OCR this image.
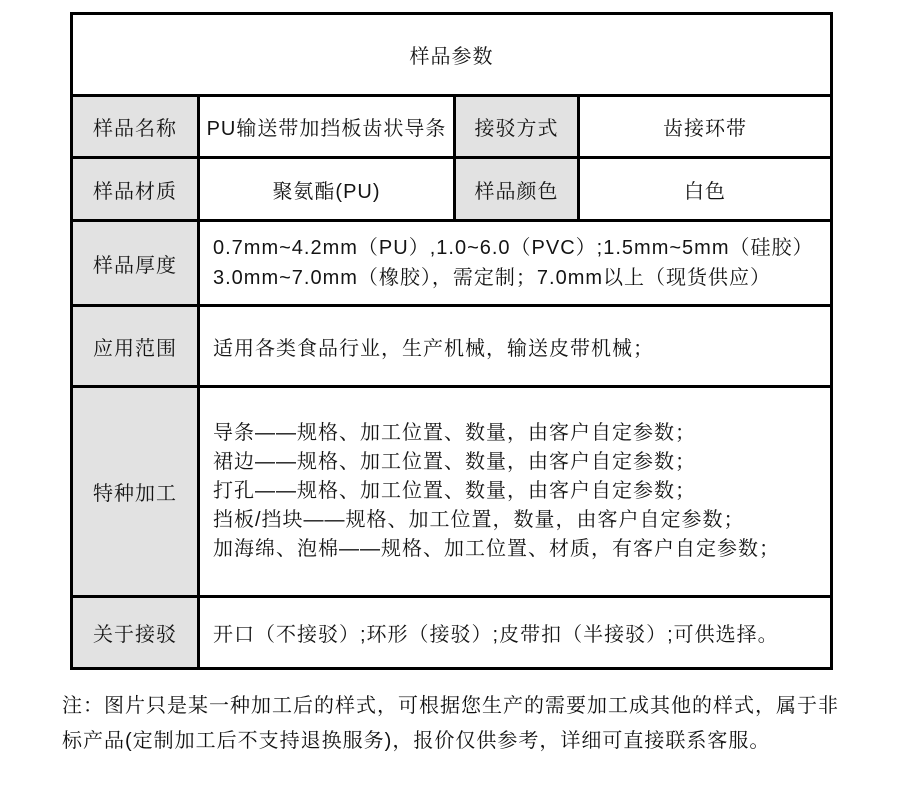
样品参数			
样品名称	PU输送带加挡板齿状导条	接驳方式	齿接环带
样品材质	聚氨酯(PU)	样品颜色	白色
样品厚度	0.7mm~4.2mm（PU）,1.0~6.0（PVC）;1.5mm~5mm（硅胶）
3.0mm~7.0mm（橡胶），需定制；7.0mm以上（现货供应）		

应用范围	适用各类食品行业，生产机械，输送皮带机械；		
特种加工	导条——规格、加工位置、数量，由客户自定参数；
裙边——规格、加工位置、数量，由客户自定参数；
打孔——规格、加工位置、数量，由客户自定参数；
挡板/挡块——规格、加工位置，数量，由客户自定参数；
加海绵、泡棉——规格、加工位置、材质，有客户自定参数；		

关于接驳	开口（不接驳）;环形（接驳）;皮带扣（半接驳）;可供选择。		
注：图片只是某一种加工后的样式，可根据您生产的需要加工成其他的样式，属于非
标产品(定制加工后不支持退换服务)，报价仅供参考，详细可直接联系客服。
